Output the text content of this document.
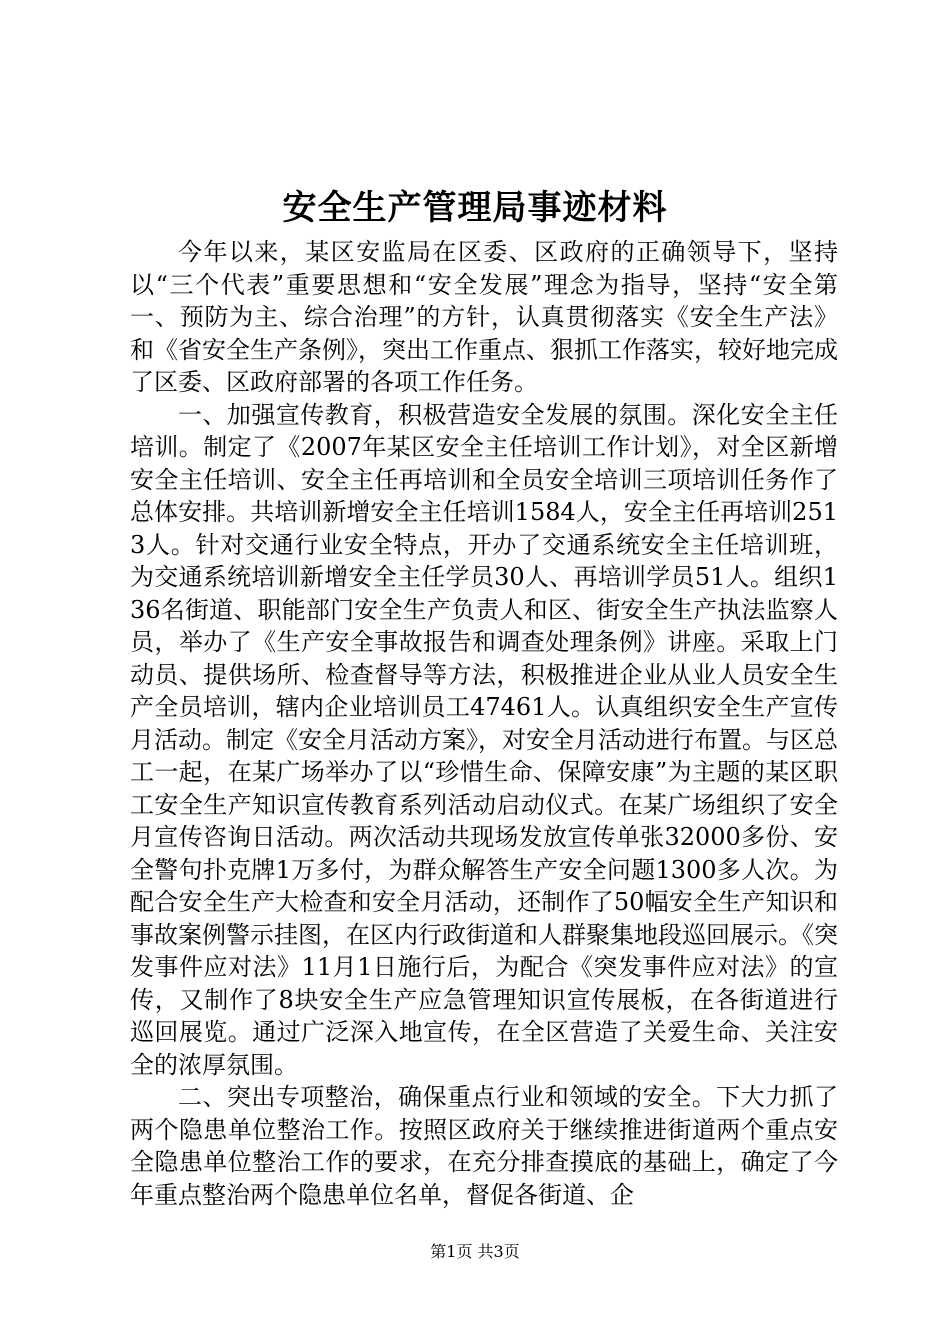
安全生产管理局事迹材料

今年以来，某区安监局在区委、区政府的正确领导下，坚持以“三个代表”重要思想和“安全发展”理念为指导，坚持“安全第一、预防为主、综合治理”的方针，认真贯彻落实《安全生产法》和《省安全生产条例》，突出工作重点、狠抓工作落实，较好地完成了区委、区政府部署的各项工作任务。

一、加强宣传教育，积极营造安全发展的氛围。深化安全主任培训。制定了《2007年某区安全主任培训工作计划》，对全区新增安全主任培训、安全主任再培训和全员安全培训三项培训任务作了总体安排。共培训新增安全主任培训1584人，安全主任再培训2513人。针对交通行业安全特点，开办了交通系统安全主任培训班，为交通系统培训新增安全主任学员30人、再培训学员51人。组织136名街道、职能部门安全生产负责人和区、街安全生产执法监察人员，举办了《生产安全事故报告和调查处理条例》讲座。采取上门动员、提供场所、检查督导等方法，积极推进企业从业人员安全生产全员培训，辖内企业培训员工47461人。认真组织安全生产宣传月活动。制定《安全月活动方案》，对安全月活动进行布置。与区总工一起，在某广场举办了以“珍惜生命、保障安康”为主题的某区职工安全生产知识宣传教育系列活动启动仪式。在某广场组织了安全月宣传咨询日活动。两次活动共现场发放宣传单张32000多份、安全警句扑克牌1万多付，为群众解答生产安全问题1300多人次。为配合安全生产大检查和安全月活动，还制作了50幅安全生产知识和事故案例警示挂图，在区内行政街道和人群聚集地段巡回展示。《突发事件应对法》11月1日施行后，为配合《突发事件应对法》的宣传，又制作了8块安全生产应急管理知识宣传展板，在各街道进行巡回展览。通过广泛深入地宣传，在全区营造了关爱生命、关注安全的浓厚氛围。

二、突出专项整治，确保重点行业和领域的安全。下大力抓了两个隐患单位整治工作。按照区政府关于继续推进街道两个重点安全隐患单位整治工作的要求，在充分排查摸底的基础上，确定了今年重点整治两个隐患单位名单，督促各街道、企

第1页 共3页
